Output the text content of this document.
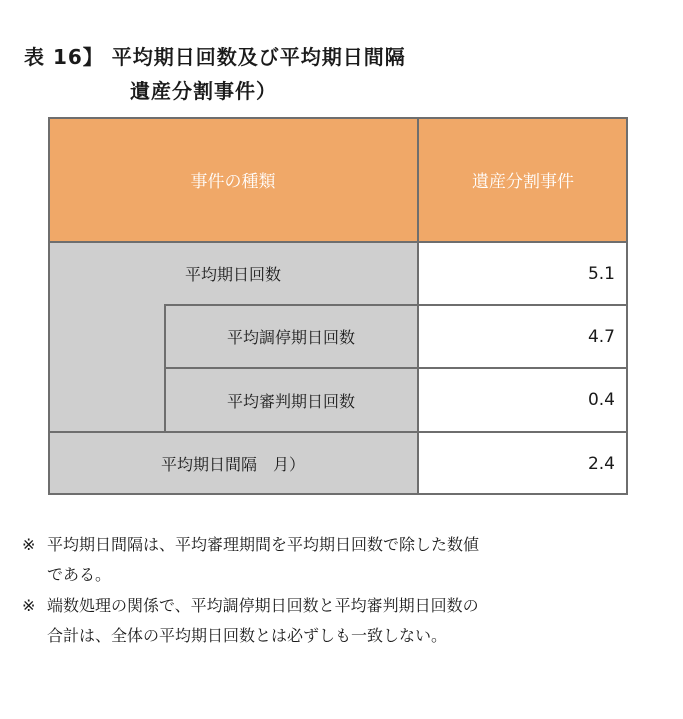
表 16】 平均期日回数及び平均期日間隔
遺産分割事件）
事件の種類	遺産分割事件
平均期日回数	5.1
平均調停期日回数	4.7
平均審判期日回数	0.4
平均期日間隔　月）	2.4
※ 平均期日間隔は、平均審理期間を平均期日回数で除した数値
である。
※ 端数処理の関係で、平均調停期日回数と平均審判期日回数の
合計は、全体の平均期日回数とは必ずしも一致しない。
